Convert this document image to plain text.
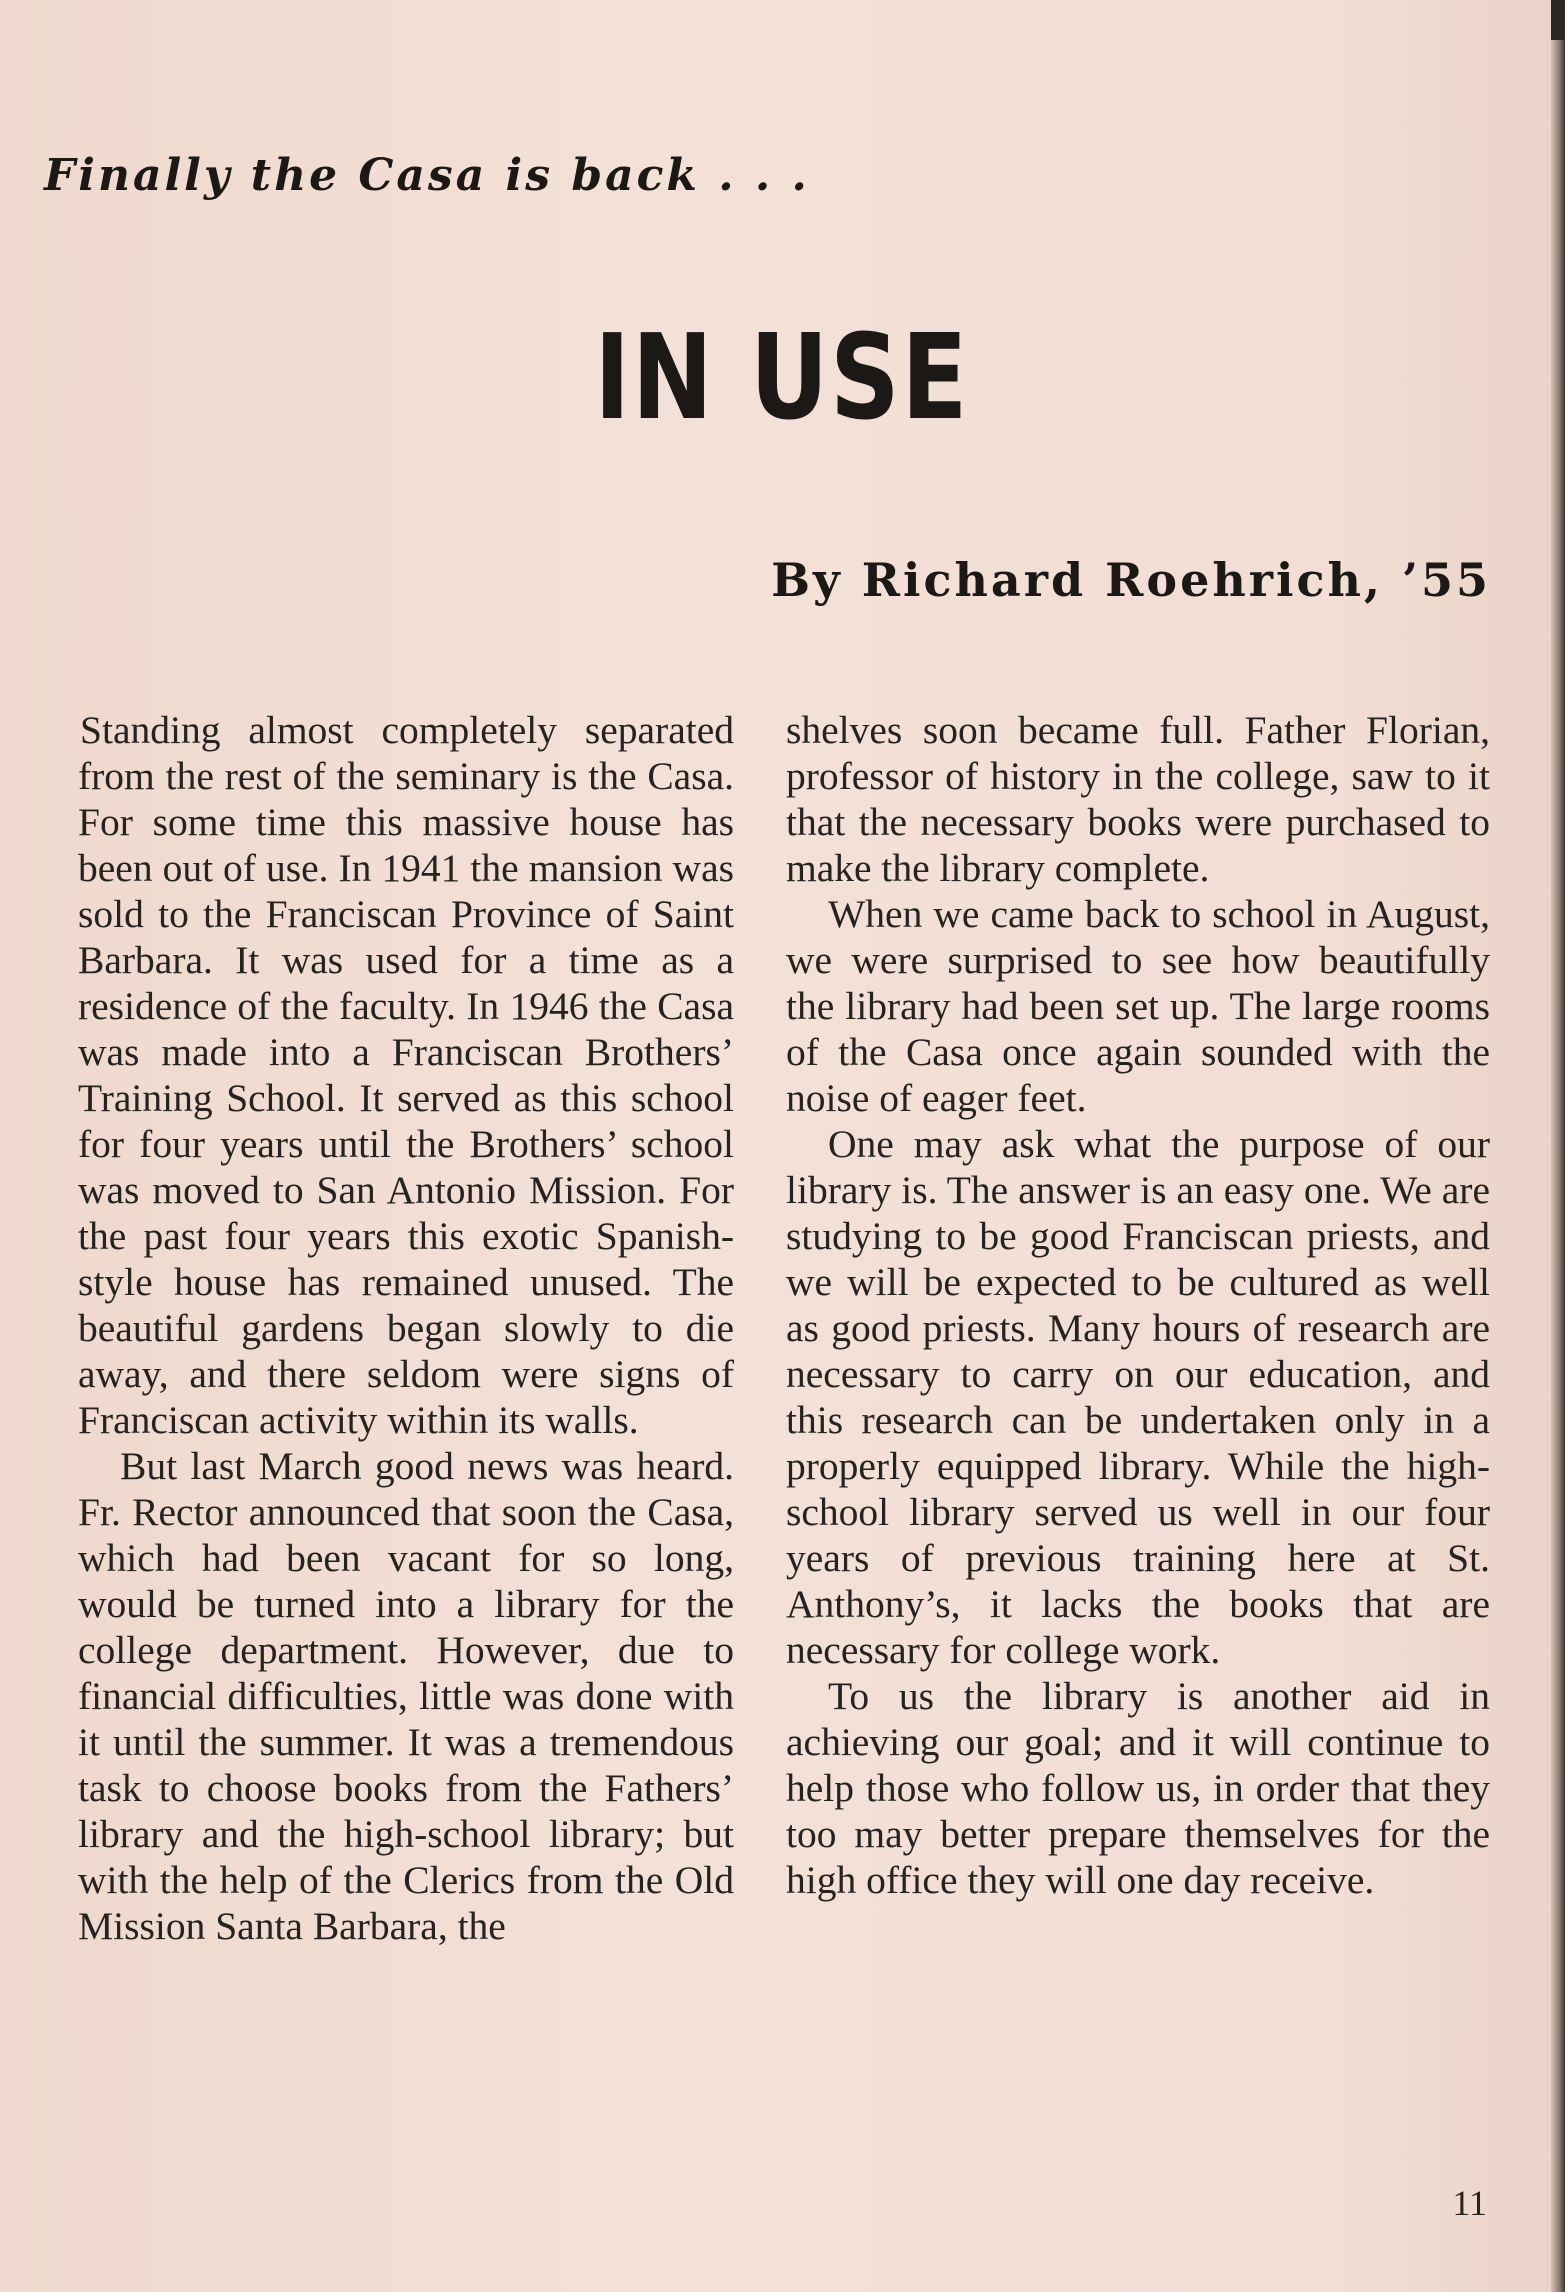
Finally the Casa is back . . .
IN USE
By Richard Roehrich, ’55

Standing almost completely separated from the rest of the seminary is the Casa. For some time this massive house has been out of use. In 1941 the mansion was sold to the Franciscan Province of Saint Barbara. It was used for a time as a residence of the faculty. In 1946 the Casa was made into a Franciscan Brothers’ Training School. It served as this school for four years until the Brothers’ school was moved to San Antonio Mission. For the past four years this exotic Spanish-style house has remained unused. The beautiful gardens began slowly to die away, and there seldom were signs of Franciscan activity within its walls.

But last March good news was heard. Fr. Rector announced that soon the Casa, which had been vacant for so long, would be turned into a library for the college department. However, due to financial difficulties, little was done with it until the summer. It was a tremendous task to choose books from the Fathers’ library and the high-school library; but with the help of the Clerics from the Old Mission Santa Barbara, the

shelves soon became full. Father Florian, professor of history in the college, saw to it that the necessary books were purchased to make the library complete.

When we came back to school in August, we were surprised to see how beautifully the library had been set up. The large rooms of the Casa once again sounded with the noise of eager feet.

One may ask what the purpose of our library is. The answer is an easy one. We are studying to be good Franciscan priests, and we will be expected to be cultured as well as good priests. Many hours of research are necessary to carry on our education, and this research can be undertaken only in a properly equipped library. While the high-school library served us well in our four years of previous training here at St. Anthony’s, it lacks the books that are necessary for college work.

To us the library is another aid in achieving our goal; and it will continue to help those who follow us, in order that they too may better prepare themselves for the high office they will one day receive.

11
